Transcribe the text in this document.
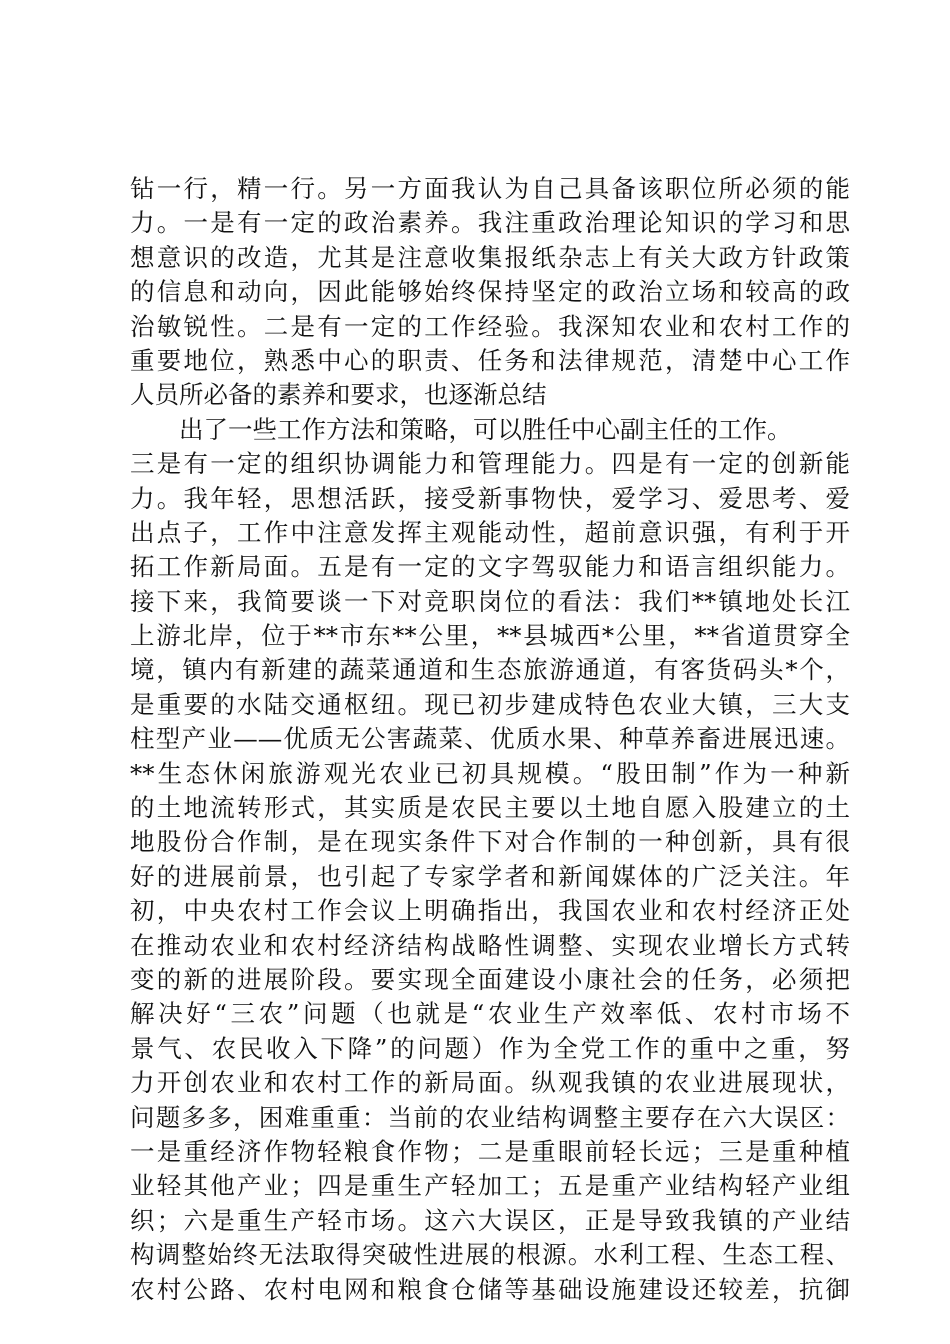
钻一行，精一行。另一方面我认为自己具备该职位所必须的能
力。一是有一定的政治素养。我注重政治理论知识的学习和思
想意识的改造，尤其是注意收集报纸杂志上有关大政方针政策
的信息和动向，因此能够始终保持坚定的政治立场和较高的政
治敏锐性。二是有一定的工作经验。我深知农业和农村工作的
重要地位，熟悉中心的职责、任务和法律规范，清楚中心工作
人员所必备的素养和要求，也逐渐总结
出了一些工作方法和策略，可以胜任中心副主任的工作。
三是有一定的组织协调能力和管理能力。四是有一定的创新能
力。我年轻，思想活跃，接受新事物快，爱学习、爱思考、爱
出点子，工作中注意发挥主观能动性，超前意识强，有利于开
拓工作新局面。五是有一定的文字驾驭能力和语言组织能力。
接下来，我简要谈一下对竞职岗位的看法：我们**镇地处长江
上游北岸，位于**市东**公里，**县城西*公里，**省道贯穿全
境，镇内有新建的蔬菜通道和生态旅游通道，有客货码头*个，
是重要的水陆交通枢纽。现已初步建成特色农业大镇，三大支
柱型产业——优质无公害蔬菜、优质水果、种草养畜进展迅速。
**生态休闲旅游观光农业已初具规模。“股田制”作为一种新
的土地流转形式，其实质是农民主要以土地自愿入股建立的土
地股份合作制，是在现实条件下对合作制的一种创新，具有很
好的进展前景，也引起了专家学者和新闻媒体的广泛关注。年
初，中央农村工作会议上明确指出，我国农业和农村经济正处
在推动农业和农村经济结构战略性调整、实现农业增长方式转
变的新的进展阶段。要实现全面建设小康社会的任务，必须把
解决好“三农”问题（也就是“农业生产效率低、农村市场不
景气、农民收入下降”的问题）作为全党工作的重中之重，努
力开创农业和农村工作的新局面。纵观我镇的农业进展现状，
问题多多，困难重重：当前的农业结构调整主要存在六大误区：
一是重经济作物轻粮食作物；二是重眼前轻长远；三是重种植
业轻其他产业；四是重生产轻加工；五是重产业结构轻产业组
织；六是重生产轻市场。这六大误区，正是导致我镇的产业结
构调整始终无法取得突破性进展的根源。水利工程、生态工程、
农村公路、农村电网和粮食仓储等基础设施建设还较差，抗御
